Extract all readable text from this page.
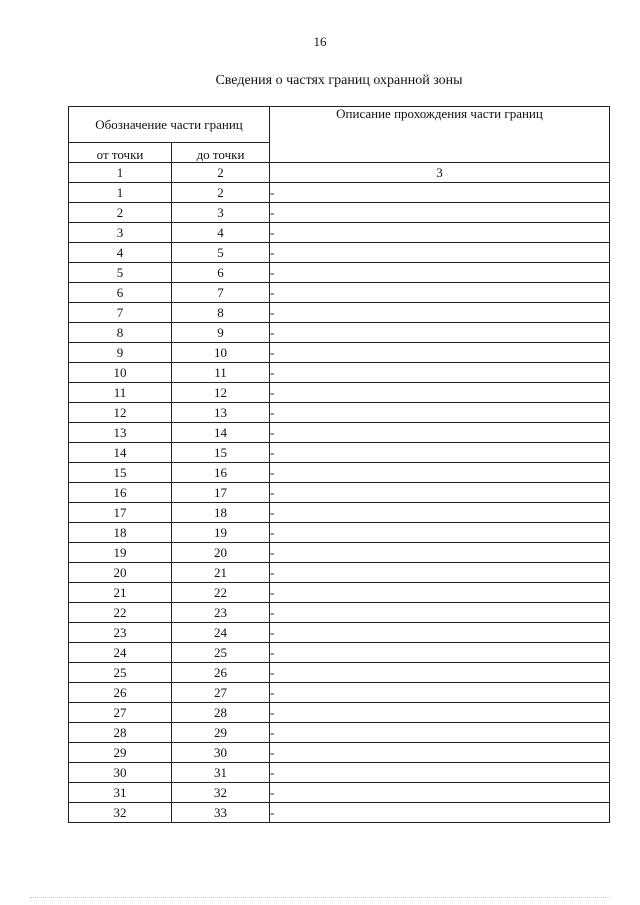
16
Сведения о частях границ охранной зоны
Обозначение части границ		Описание прохождения части границ
от точки	до точки	
1	2	3
1	2	-
2	3	-
3	4	-
4	5	-
5	6	-
6	7	-
7	8	-
8	9	-
9	10	-
10	11	-
11	12	-
12	13	-
13	14	-
14	15	-
15	16	-
16	17	-
17	18	-
18	19	-
19	20	-
20	21	-
21	22	-
22	23	-
23	24	-
24	25	-
25	26	-
26	27	-
27	28	-
28	29	-
29	30	-
30	31	-
31	32	-
32	33	-
